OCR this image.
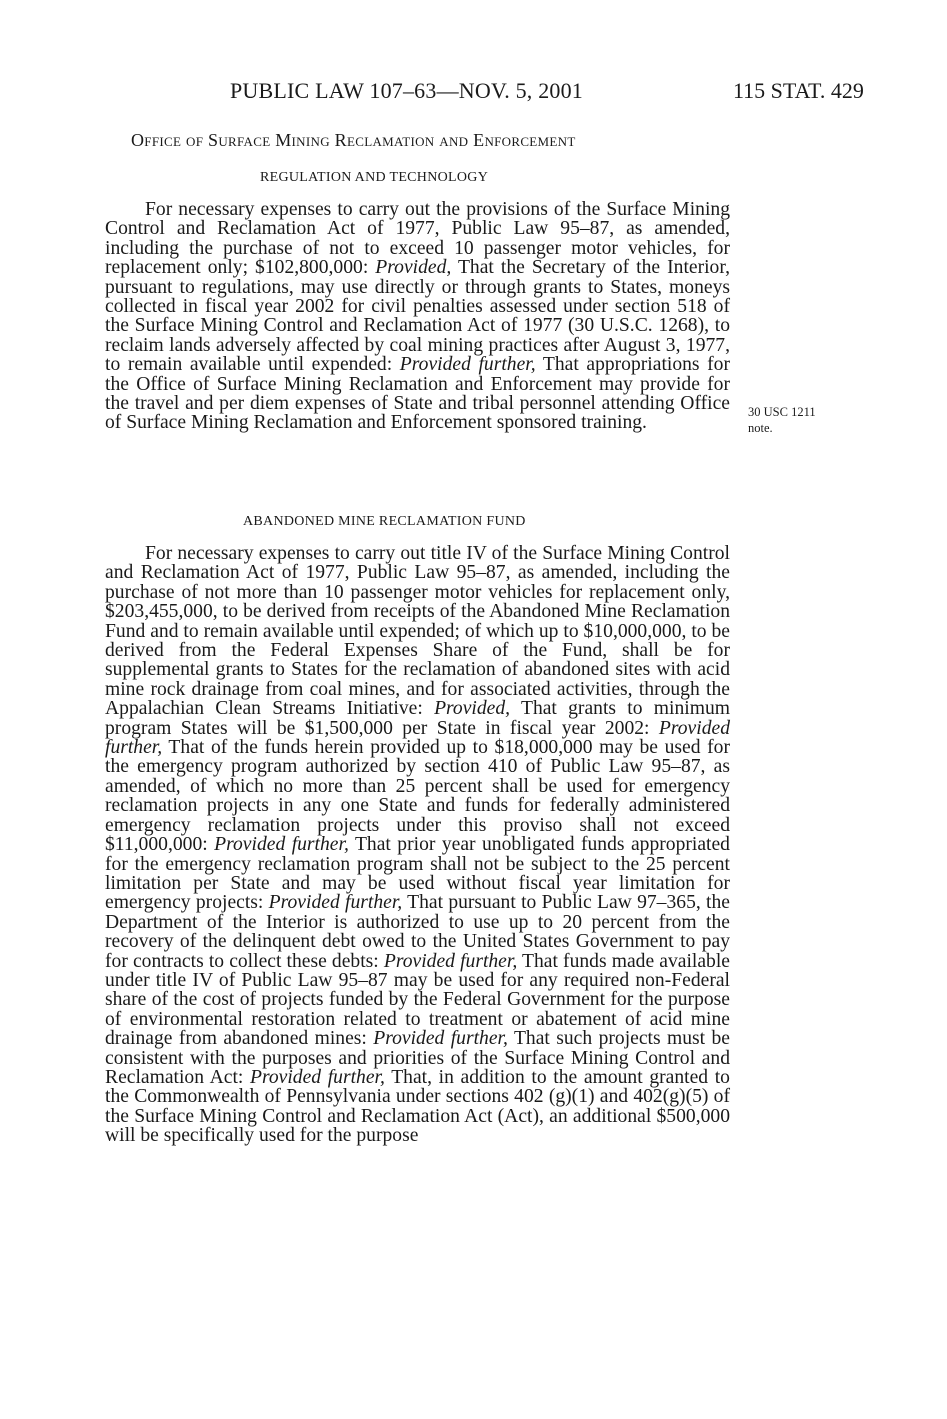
PUBLIC LAW 107–63—NOV. 5, 2001	115 STAT. 429
Office of Surface Mining Reclamation and Enforcement
REGULATION AND TECHNOLOGY
For necessary expenses to carry out the provisions of the Surface Mining Control and Reclamation Act of 1977, Public Law 95–87, as amended, including the purchase of not to exceed 10 passenger motor vehicles, for replacement only; $102,800,000: Provided, That the Secretary of the Interior, pursuant to regulations, may use directly or through grants to States, moneys collected in fiscal year 2002 for civil penalties assessed under section 518 of the Surface Mining Control and Reclamation Act of 1977 (30 U.S.C. 1268), to reclaim lands adversely affected by coal mining practices after August 3, 1977, to remain available until expended: Provided further, That appropriations for the Office of Surface Mining Reclamation and Enforcement may provide for the travel and per diem expenses of State and tribal personnel attending Office of Surface Mining Reclamation and Enforcement sponsored training.
30 USC 1211
note.
ABANDONED MINE RECLAMATION FUND
For necessary expenses to carry out title IV of the Surface Mining Control and Reclamation Act of 1977, Public Law 95–87, as amended, including the purchase of not more than 10 passenger motor vehicles for replacement only, $203,455,000, to be derived from receipts of the Abandoned Mine Reclamation Fund and to remain available until expended; of which up to $10,000,000, to be derived from the Federal Expenses Share of the Fund, shall be for supplemental grants to States for the reclamation of abandoned sites with acid mine rock drainage from coal mines, and for associated activities, through the Appalachian Clean Streams Initiative: Provided, That grants to minimum program States will be $1,500,000 per State in fiscal year 2002: Provided further, That of the funds herein provided up to $18,000,000 may be used for the emergency program authorized by section 410 of Public Law 95–87, as amended, of which no more than 25 percent shall be used for emergency reclamation projects in any one State and funds for federally administered emergency reclamation projects under this proviso shall not exceed $11,000,000: Provided further, That prior year unobligated funds appropriated for the emergency reclamation program shall not be subject to the 25 percent limitation per State and may be used without fiscal year limitation for emergency projects: Provided further, That pursuant to Public Law 97–365, the Department of the Interior is authorized to use up to 20 percent from the recovery of the delinquent debt owed to the United States Government to pay for contracts to collect these debts: Provided further, That funds made available under title IV of Public Law 95–87 may be used for any required non-Federal share of the cost of projects funded by the Federal Government for the purpose of environmental restoration related to treatment or abatement of acid mine drainage from abandoned mines: Provided further, That such projects must be consistent with the purposes and priorities of the Surface Mining Control and Reclamation Act: Provided further, That, in addition to the amount granted to the Commonwealth of Pennsylvania under sections 402 (g)(1) and 402(g)(5) of the Surface Mining Control and Reclamation Act (Act), an additional $500,000 will be specifically used for the purpose
